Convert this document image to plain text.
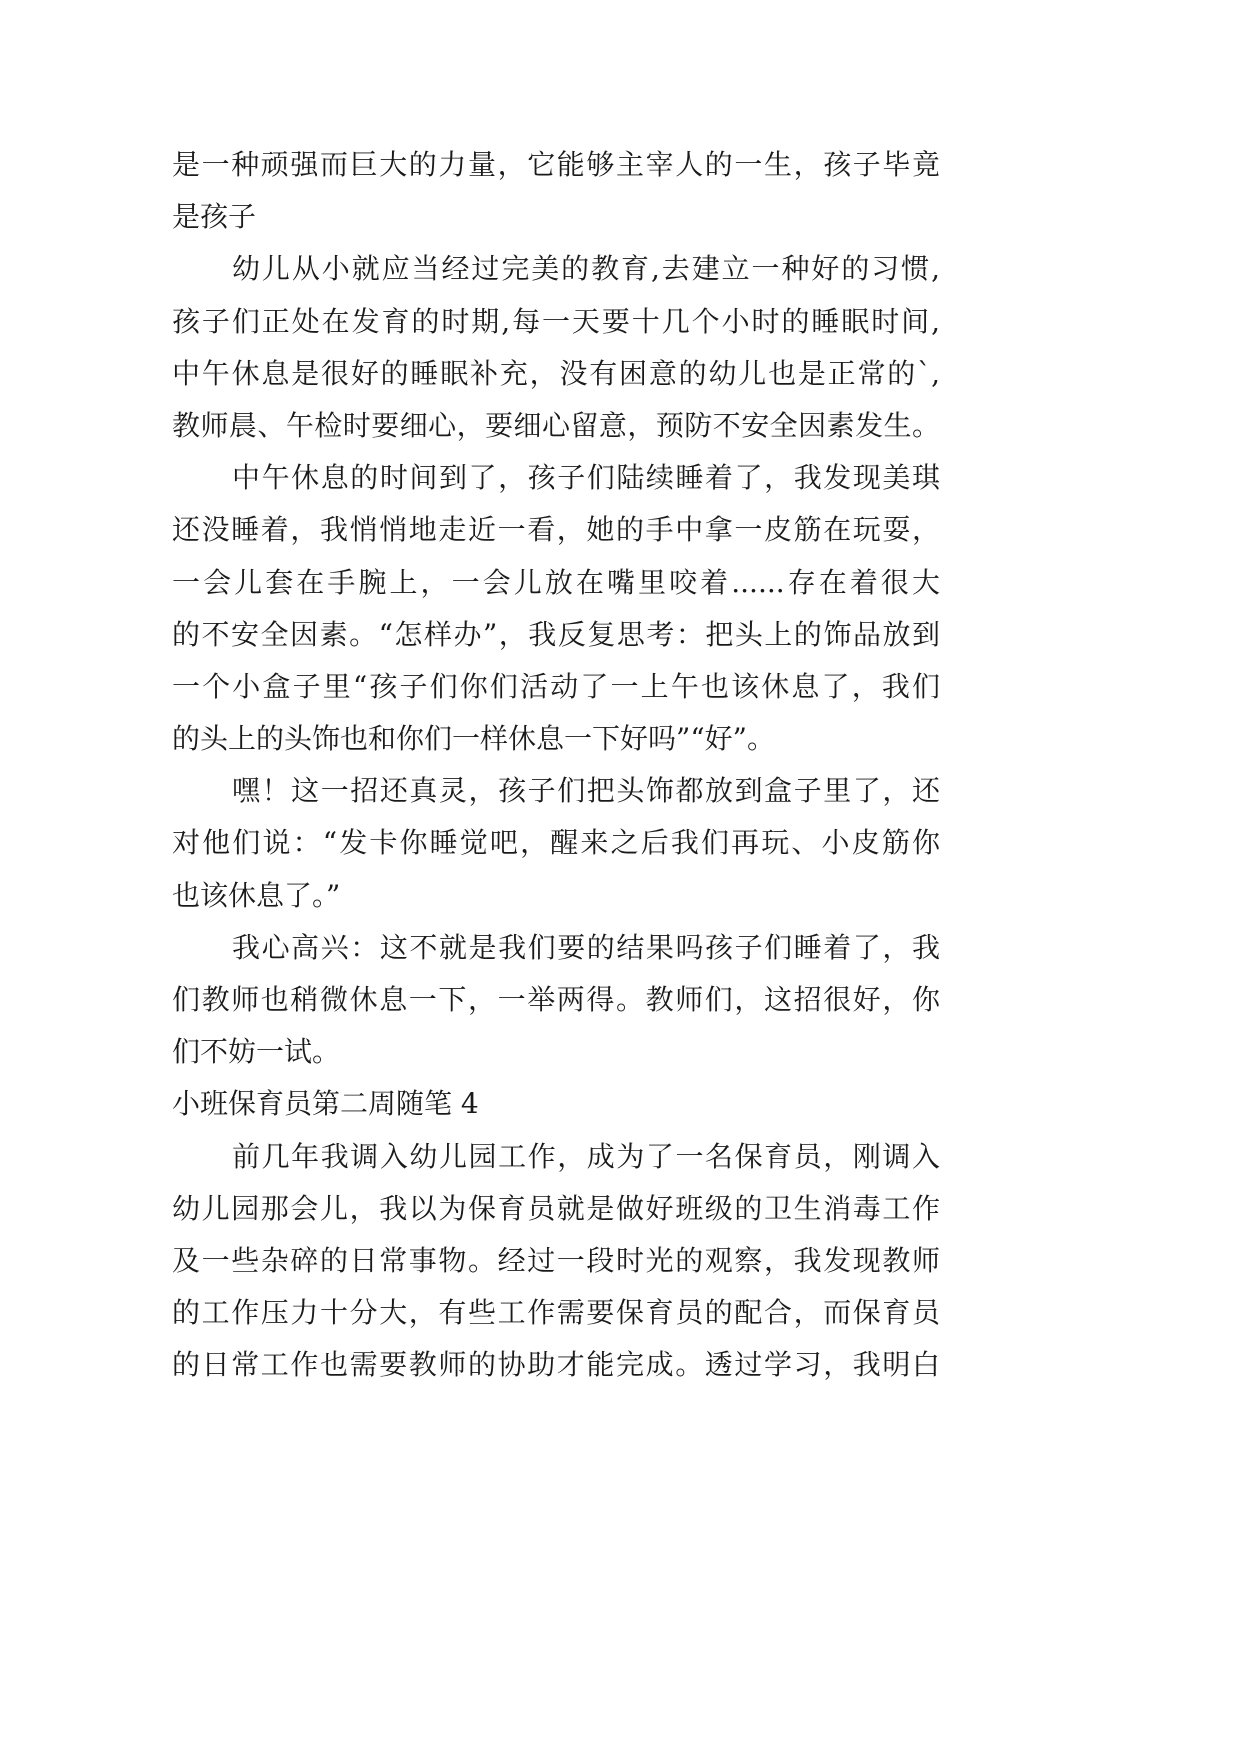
是一种顽强而巨大的力量，它能够主宰人的一生，孩子毕竟
是孩子
幼儿从小就应当经过完美的教育,去建立一种好的习惯,
孩子们正处在发育的时期,每一天要十几个小时的睡眠时间,
中午休息是很好的睡眠补充，没有困意的幼儿也是正常的`,
教师晨、午检时要细心，要细心留意，预防不安全因素发生。
中午休息的时间到了，孩子们陆续睡着了，我发现美琪
还没睡着，我悄悄地走近一看，她的手中拿一皮筋在玩耍，
一会儿套在手腕上，一会儿放在嘴里咬着......存在着很大
的不安全因素。“怎样办”，我反复思考：把头上的饰品放到
一个小盒子里“孩子们你们活动了一上午也该休息了，我们
的头上的头饰也和你们一样休息一下好吗”“好”。
嘿！这一招还真灵，孩子们把头饰都放到盒子里了，还
对他们说：“发卡你睡觉吧，醒来之后我们再玩、小皮筋你
也该休息了。”
我心高兴：这不就是我们要的结果吗孩子们睡着了，我
们教师也稍微休息一下，一举两得。教师们，这招很好，你
们不妨一试。
小班保育员第二周随笔 4
前几年我调入幼儿园工作，成为了一名保育员，刚调入
幼儿园那会儿，我以为保育员就是做好班级的卫生消毒工作
及一些杂碎的日常事物。经过一段时光的观察，我发现教师
的工作压力十分大，有些工作需要保育员的配合，而保育员
的日常工作也需要教师的协助才能完成。透过学习，我明白
